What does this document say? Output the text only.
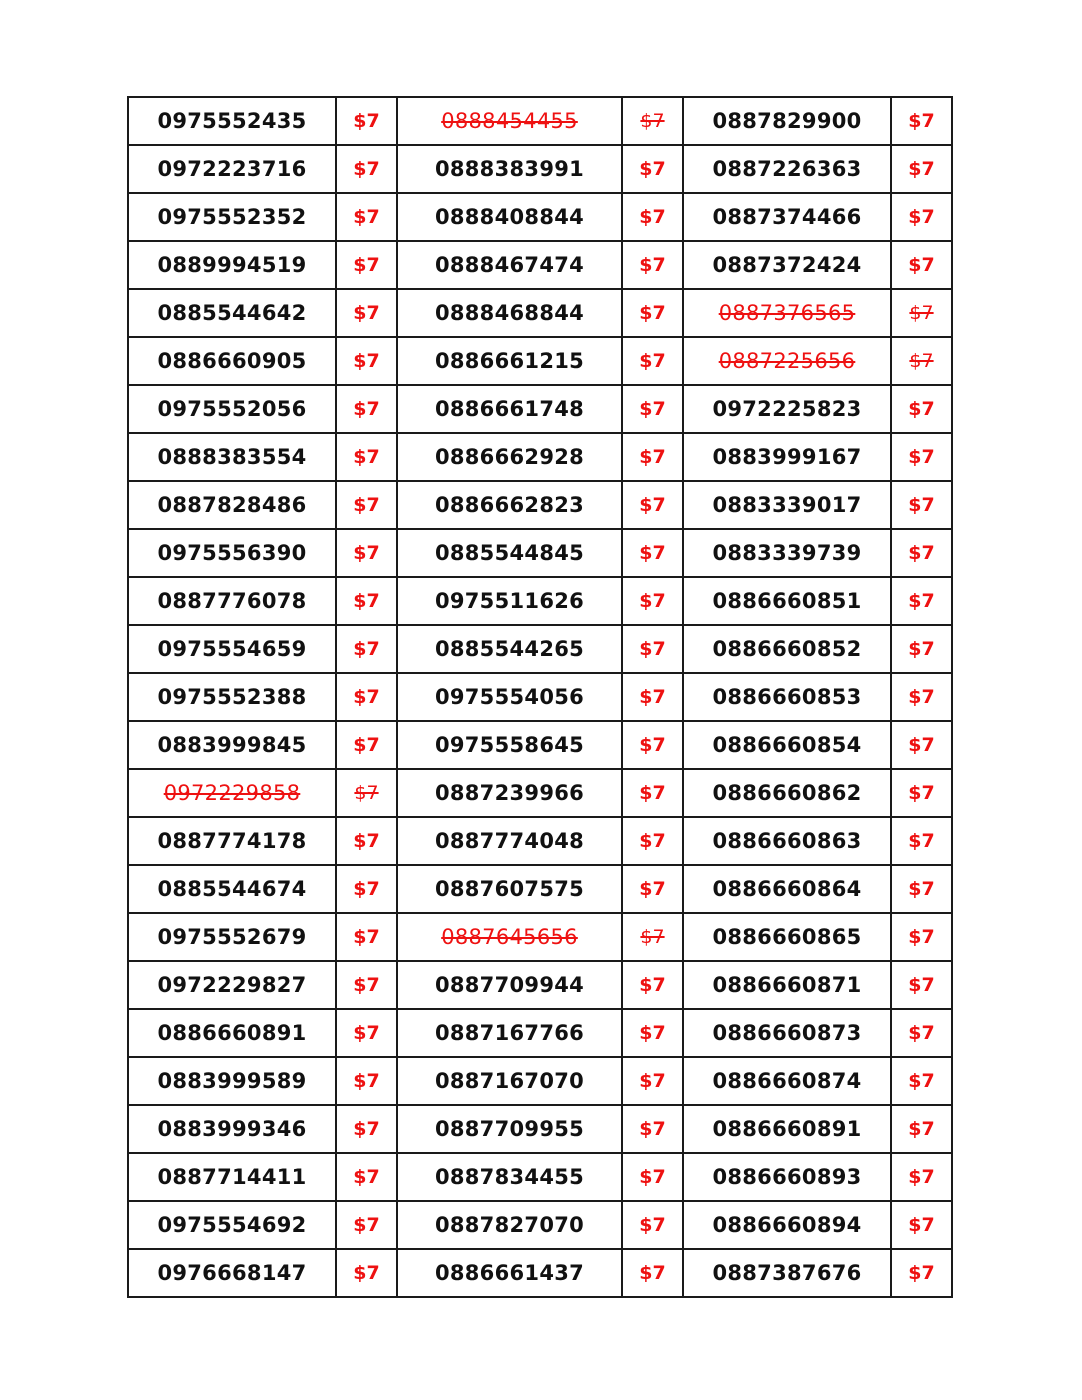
0975552435	$7	0888454455	$7	0887829900	$7
0972223716	$7	0888383991	$7	0887226363	$7
0975552352	$7	0888408844	$7	0887374466	$7
0889994519	$7	0888467474	$7	0887372424	$7
0885544642	$7	0888468844	$7	0887376565	$7
0886660905	$7	0886661215	$7	0887225656	$7
0975552056	$7	0886661748	$7	0972225823	$7
0888383554	$7	0886662928	$7	0883999167	$7
0887828486	$7	0886662823	$7	0883339017	$7
0975556390	$7	0885544845	$7	0883339739	$7
0887776078	$7	0975511626	$7	0886660851	$7
0975554659	$7	0885544265	$7	0886660852	$7
0975552388	$7	0975554056	$7	0886660853	$7
0883999845	$7	0975558645	$7	0886660854	$7
0972229858	$7	0887239966	$7	0886660862	$7
0887774178	$7	0887774048	$7	0886660863	$7
0885544674	$7	0887607575	$7	0886660864	$7
0975552679	$7	0887645656	$7	0886660865	$7
0972229827	$7	0887709944	$7	0886660871	$7
0886660891	$7	0887167766	$7	0886660873	$7
0883999589	$7	0887167070	$7	0886660874	$7
0883999346	$7	0887709955	$7	0886660891	$7
0887714411	$7	0887834455	$7	0886660893	$7
0975554692	$7	0887827070	$7	0886660894	$7
0976668147	$7	0886661437	$7	0887387676	$7
